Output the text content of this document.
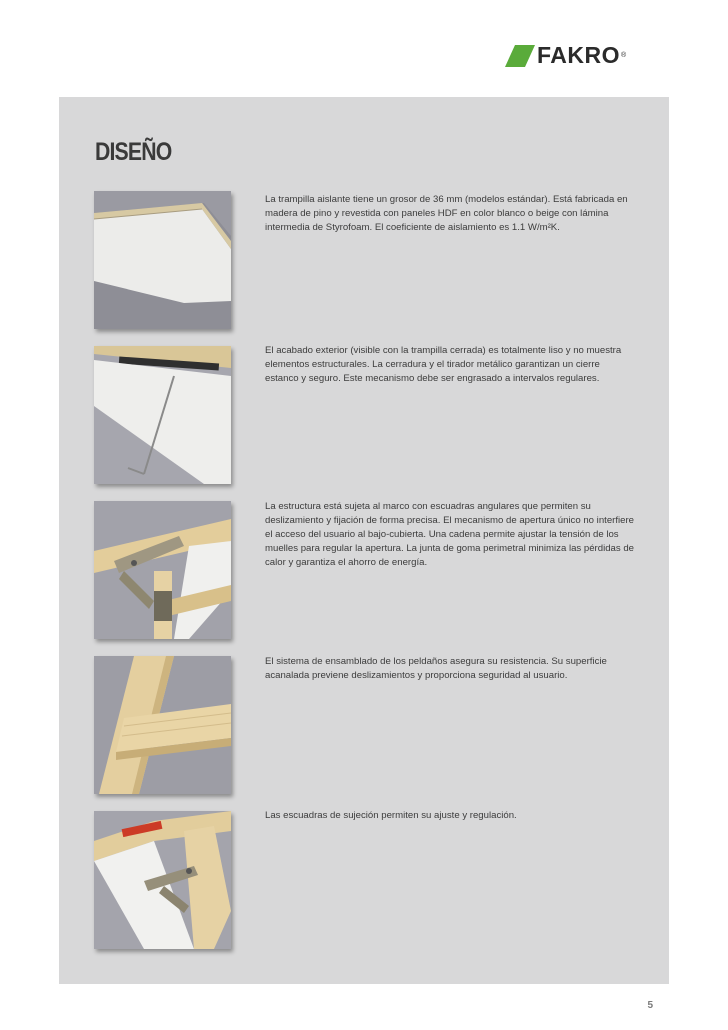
FAKRO ®
DISEÑO

La trampilla aislante tiene un grosor de 36 mm (modelos estándar). Está fabricada en madera de pino y revestida con paneles HDF en color blanco o beige con lámina intermedia de Styrofoam. El coeficiente de aislamiento es 1.1 W/m²K.

El acabado exterior (visible con la trampilla cerrada) es totalmente liso y no muestra elementos estructurales. La cerradura y el tirador metálico garantizan un cierre estanco y seguro. Este mecanismo debe ser engrasado a intervalos regulares.

La estructura está sujeta al marco con escuadras angulares que permiten su deslizamiento y fijación de forma precisa. El mecanismo de apertura único no interfiere el acceso del usuario al bajo-cubierta. Una cadena permite ajustar la tensión de los muelles para regular la apertura. La junta de goma perimetral minimiza las pérdidas de calor y garantiza el ahorro de energía.

El sistema de ensamblado de los peldaños asegura su resistencia. Su superficie acanalada previene deslizamientos y proporciona seguridad al usuario.

Las escuadras de sujeción permiten su ajuste y regulación.

5
